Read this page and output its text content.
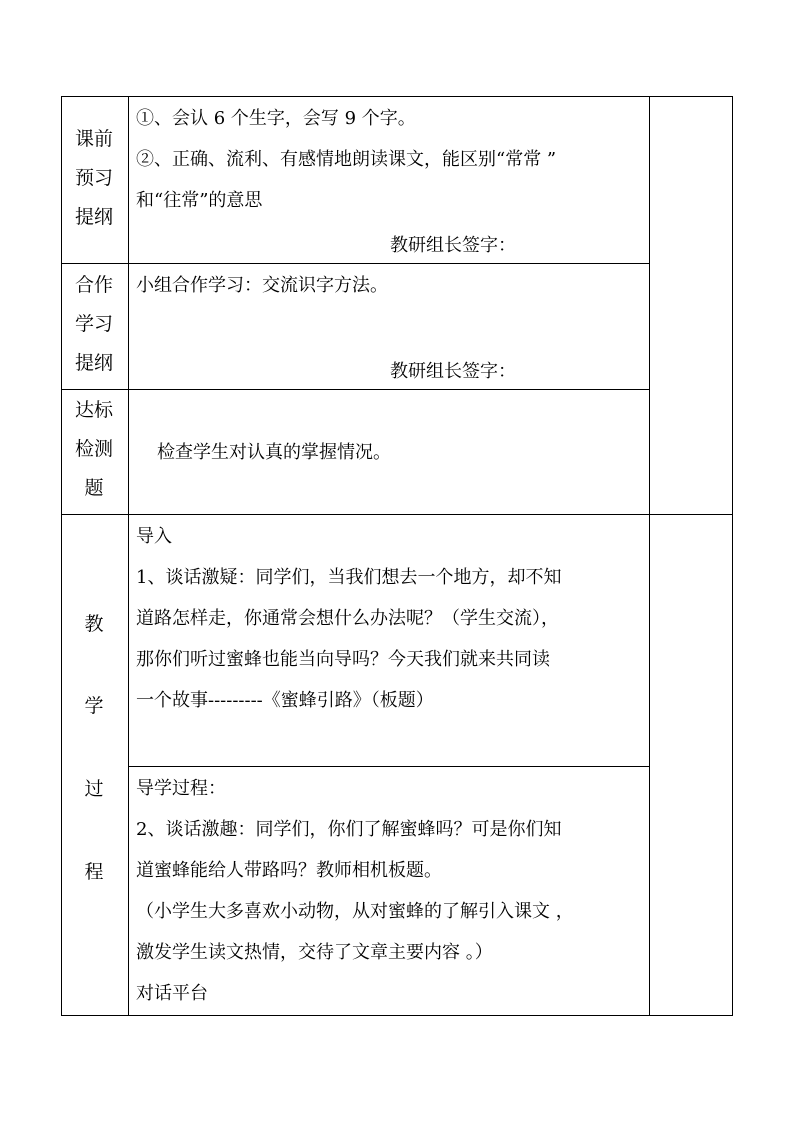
课前
预习
提纲

①、会认 6 个生字，会写 9 个字。

②、正确、流利、有感情地朗读课文，能区别“常常 ”

和“往常”的意思

教研组长签字：
合作
学习
提纲

小组合作学习：交流识字方法。

教研组长签字：
达标
检测
题
检查学生对认真的掌握情况。
教
学
过
程

导入

1、谈话激疑：同学们，当我们想去一个地方，却不知

道路怎样走，你通常会想什么办法呢？（学生交流），

那你们听过蜜蜂也能当向导吗？今天我们就来共同读

一个故事---------《蜜蜂引路》（板题）

导学过程：

2、谈话激趣：同学们，你们了解蜜蜂吗？可是你们知

道蜜蜂能给人带路吗？教师相机板题。

（小学生大多喜欢小动物，从对蜜蜂的了解引入课文 ，

激发学生读文热情，交待了文章主要内容 。）

对话平台
